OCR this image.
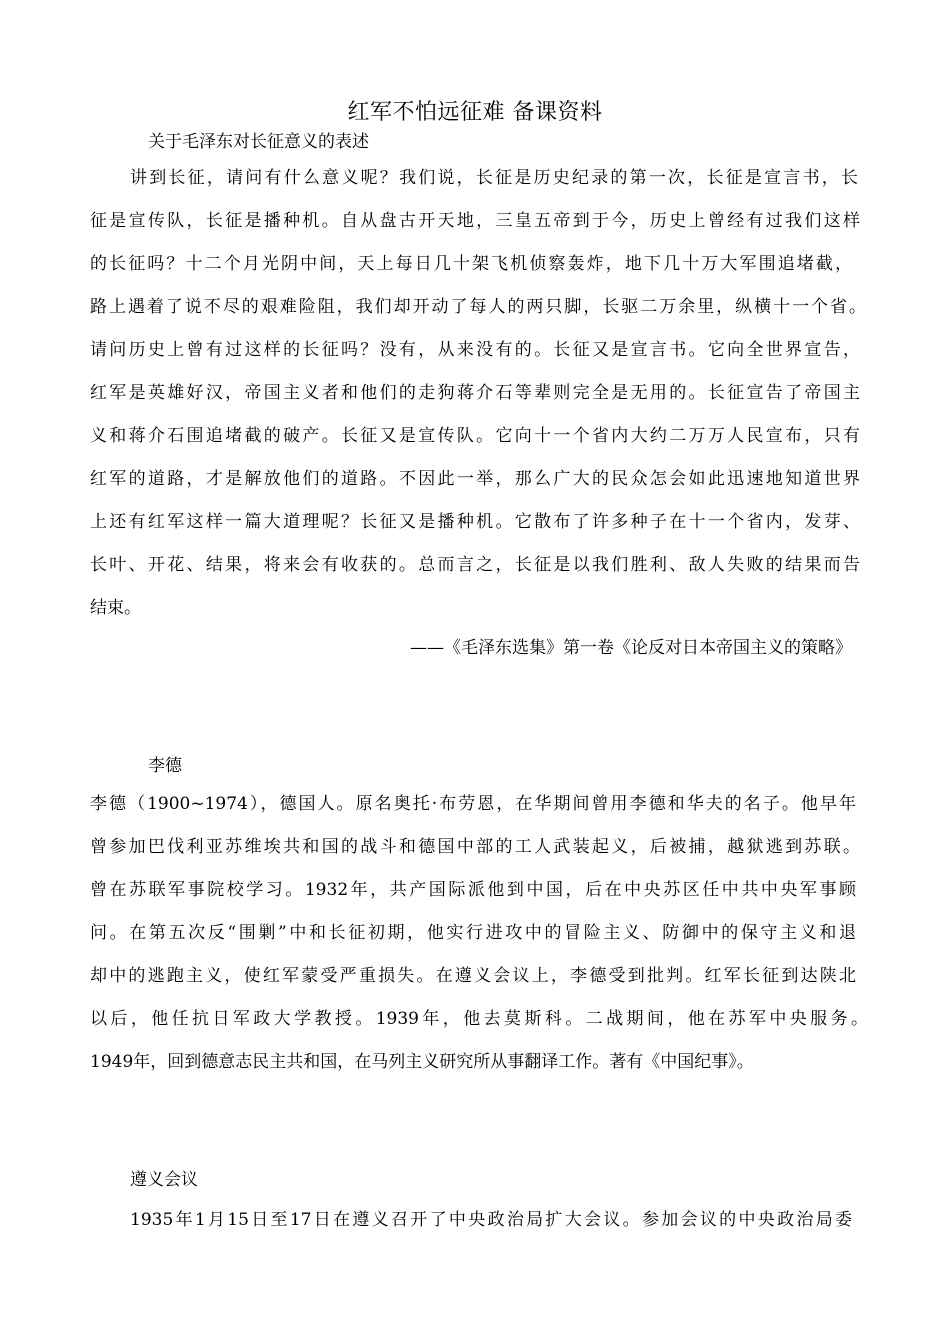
红军不怕远征难 备课资料
关于毛泽东对长征意义的表述
讲到长征，请问有什么意义呢？我们说，长征是历史纪录的第一次，长征是宣言书，长
征是宣传队，长征是播种机。自从盘古开天地，三皇五帝到于今，历史上曾经有过我们这样
的长征吗？十二个月光阴中间，天上每日几十架飞机侦察轰炸，地下几十万大军围追堵截，
路上遇着了说不尽的艰难险阻，我们却开动了每人的两只脚，长驱二万余里，纵横十一个省。
请问历史上曾有过这样的长征吗？没有，从来没有的。长征又是宣言书。它向全世界宣告，
红军是英雄好汉，帝国主义者和他们的走狗蒋介石等辈则完全是无用的。长征宣告了帝国主
义和蒋介石围追堵截的破产。长征又是宣传队。它向十一个省内大约二万万人民宣布，只有
红军的道路，才是解放他们的道路。不因此一举，那么广大的民众怎会如此迅速地知道世界
上还有红军这样一篇大道理呢？长征又是播种机。它散布了许多种子在十一个省内，发芽、
长叶、开花、结果，将来会有收获的。总而言之，长征是以我们胜利、敌人失败的结果而告
结束。
——《毛泽东选集》第一卷《论反对日本帝国主义的策略》
李德
李德（1900~1974），德国人。原名奥托·布劳恩，在华期间曾用李德和华夫的名子。他早年
曾参加巴伐利亚苏维埃共和国的战斗和德国中部的工人武装起义，后被捕，越狱逃到苏联。
曾在苏联军事院校学习。1932年，共产国际派他到中国，后在中央苏区任中共中央军事顾
问。在第五次反“围剿”中和长征初期，他实行进攻中的冒险主义、防御中的保守主义和退
却中的逃跑主义，使红军蒙受严重损失。在遵义会议上，李德受到批判。红军长征到达陕北
以后，他任抗日军政大学教授。1939年，他去莫斯科。二战期间，他在苏军中央服务。
1949年，回到德意志民主共和国，在马列主义研究所从事翻译工作。著有《中国纪事》。
遵义会议
1935年1月15日至17日在遵义召开了中央政治局扩大会议。参加会议的中央政治局委
